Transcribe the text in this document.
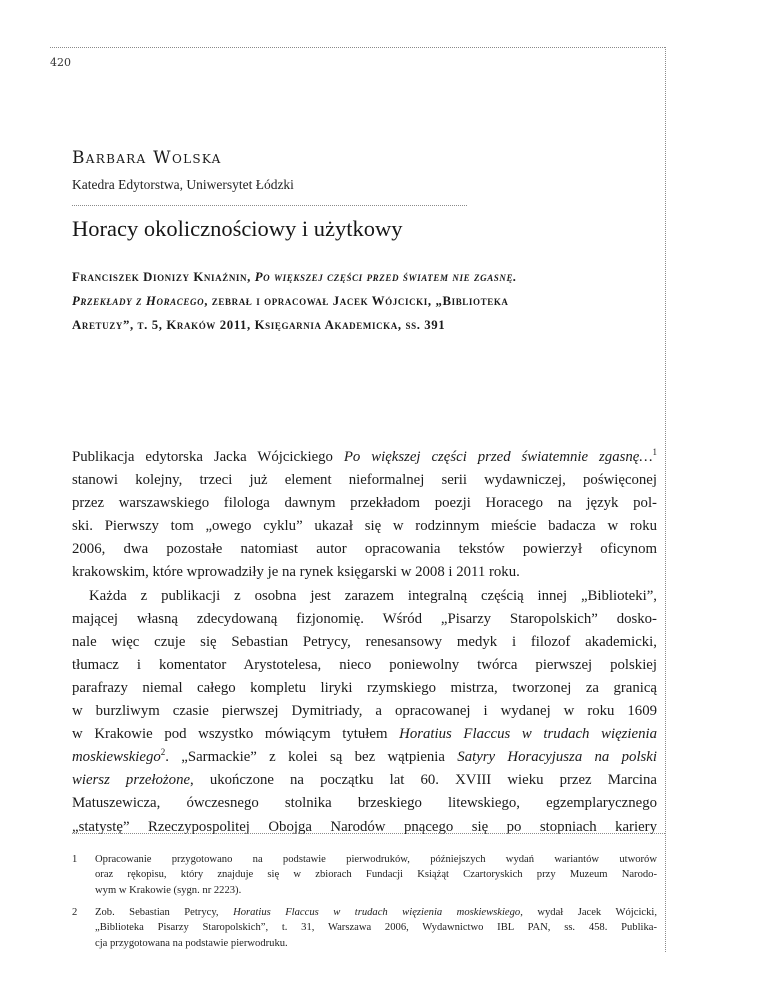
420
Barbara Wolska
Katedra Edytorstwa, Uniwersytet Łódzki
Horacy okolicznościowy i użytkowy
Franciszek Dionizy Kniaźnin, Po większej części przed światem nie zgasnę.
Przekłady z Horacego, zebrał i opracował Jacek Wójcicki, „Biblioteka
Aretuzy”, t. 5, Kraków 2011, Księgarnia Akademicka, ss. 391
Publikacja edytorska Jacka Wójcickiego Po większej części przed światemnie zgasnę…$^1$
stanowi kolejny, trzeci już element nieformalnej serii wydawniczej, poświęconej
przez warszawskiego filologa dawnym przekładom poezji Horacego na język pol-
ski. Pierwszy tom „owego cyklu” ukazał się w rodzinnym mieście badacza w roku
2006, dwa pozostałe natomiast autor opracowania tekstów powierzył oficynom
krakowskim, które wprowadziły je na rynek księgarski w 2008 i 2011 roku.
Każda z publikacji z osobna jest zarazem integralną częścią innej „Biblioteki”,
mającej własną zdecydowaną fizjonomię. Wśród „Pisarzy Staropolskich” dosko-
nale więc czuje się Sebastian Petrycy, renesansowy medyk i filozof akademicki,
tłumacz i komentator Arystotelesa, nieco poniewolny twórca pierwszej polskiej
parafrazy niemal całego kompletu liryki rzymskiego mistrza, tworzonej za granicą
w burzliwym czasie pierwszej Dymitriady, a opracowanej i wydanej w roku 1609
w Krakowie pod wszystko mówiącym tytułem Horatius Flaccus w trudach więzienia
moskiewskiego$^2$. „Sarmackie” z kolei są bez wątpienia Satyry Horacyjusza na polski
wiersz przełożone, ukończone na początku lat 60. XVIII wieku przez Marcina
Matuszewicza, ówczesnego stolnika brzeskiego litewskiego, egzemplarycznego
„statystę” Rzeczypospolitej Obojga Narodów pnącego się po stopniach kariery
1 Opracowanie przygotowano na podstawie pierwodruków, późniejszych wydań wariantów utworów
oraz rękopisu, który znajduje się w zbiorach Fundacji Książąt Czartoryskich przy Muzeum Narodo-
wym w Krakowie (sygn. nr 2223).
2 Zob. Sebastian Petrycy, Horatius Flaccus w trudach więzienia moskiewskiego, wydał Jacek Wójcicki,
„Biblioteka Pisarzy Staropolskich”, t. 31, Warszawa 2006, Wydawnictwo IBL PAN, ss. 458. Publika-
cja przygotowana na podstawie pierwodruku.
